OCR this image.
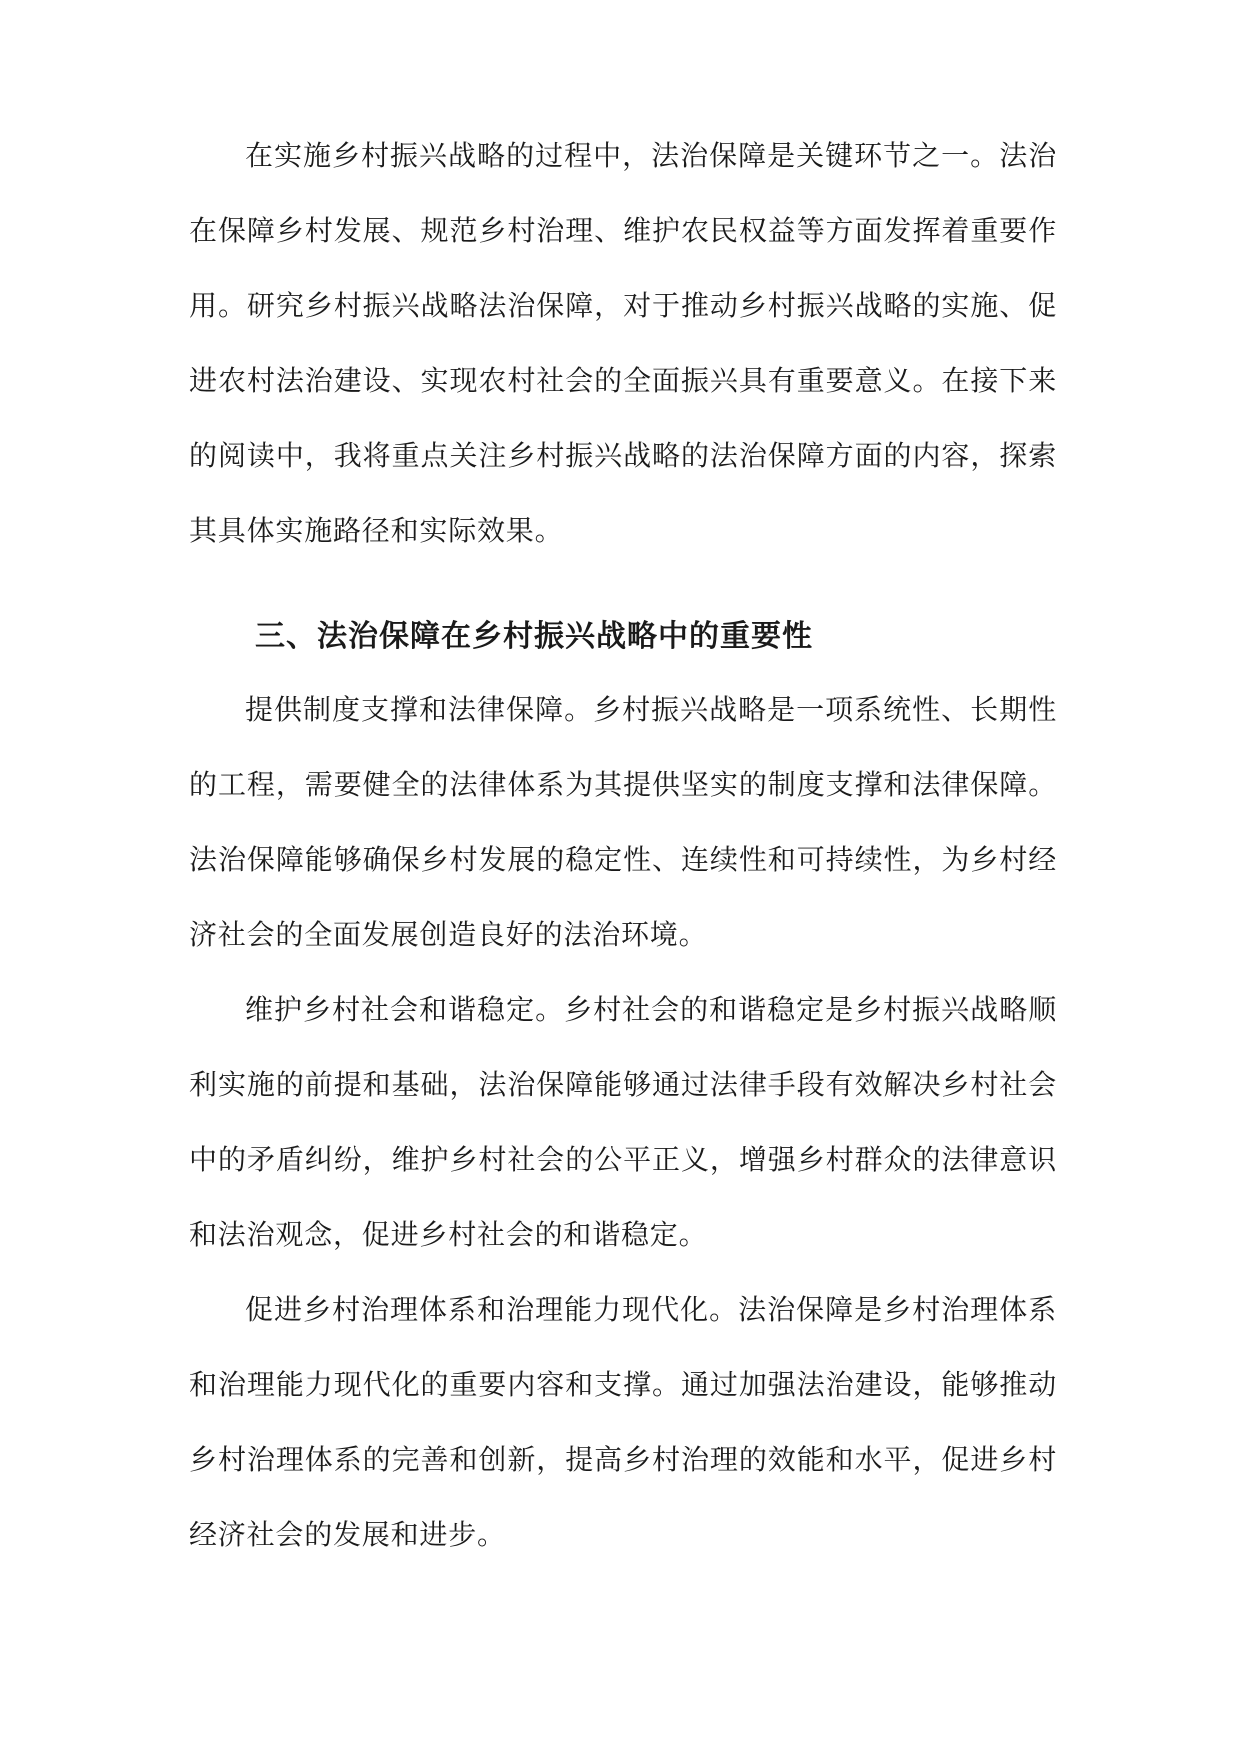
在实施乡村振兴战略的过程中，法治保障是关键环节之一。法治在保障乡村发展、规范乡村治理、维护农民权益等方面发挥着重要作用。研究乡村振兴战略法治保障，对于推动乡村振兴战略的实施、促进农村法治建设、实现农村社会的全面振兴具有重要意义。在接下来的阅读中，我将重点关注乡村振兴战略的法治保障方面的内容，探索其具体实施路径和实际效果。

三、法治保障在乡村振兴战略中的重要性

提供制度支撑和法律保障。乡村振兴战略是一项系统性、长期性的工程，需要健全的法律体系为其提供坚实的制度支撑和法律保障。法治保障能够确保乡村发展的稳定性、连续性和可持续性，为乡村经济社会的全面发展创造良好的法治环境。

维护乡村社会和谐稳定。乡村社会的和谐稳定是乡村振兴战略顺利实施的前提和基础，法治保障能够通过法律手段有效解决乡村社会中的矛盾纠纷，维护乡村社会的公平正义，增强乡村群众的法律意识和法治观念，促进乡村社会的和谐稳定。

促进乡村治理体系和治理能力现代化。法治保障是乡村治理体系和治理能力现代化的重要内容和支撑。通过加强法治建设，能够推动乡村治理体系的完善和创新，提高乡村治理的效能和水平，促进乡村经济社会的发展和进步。
